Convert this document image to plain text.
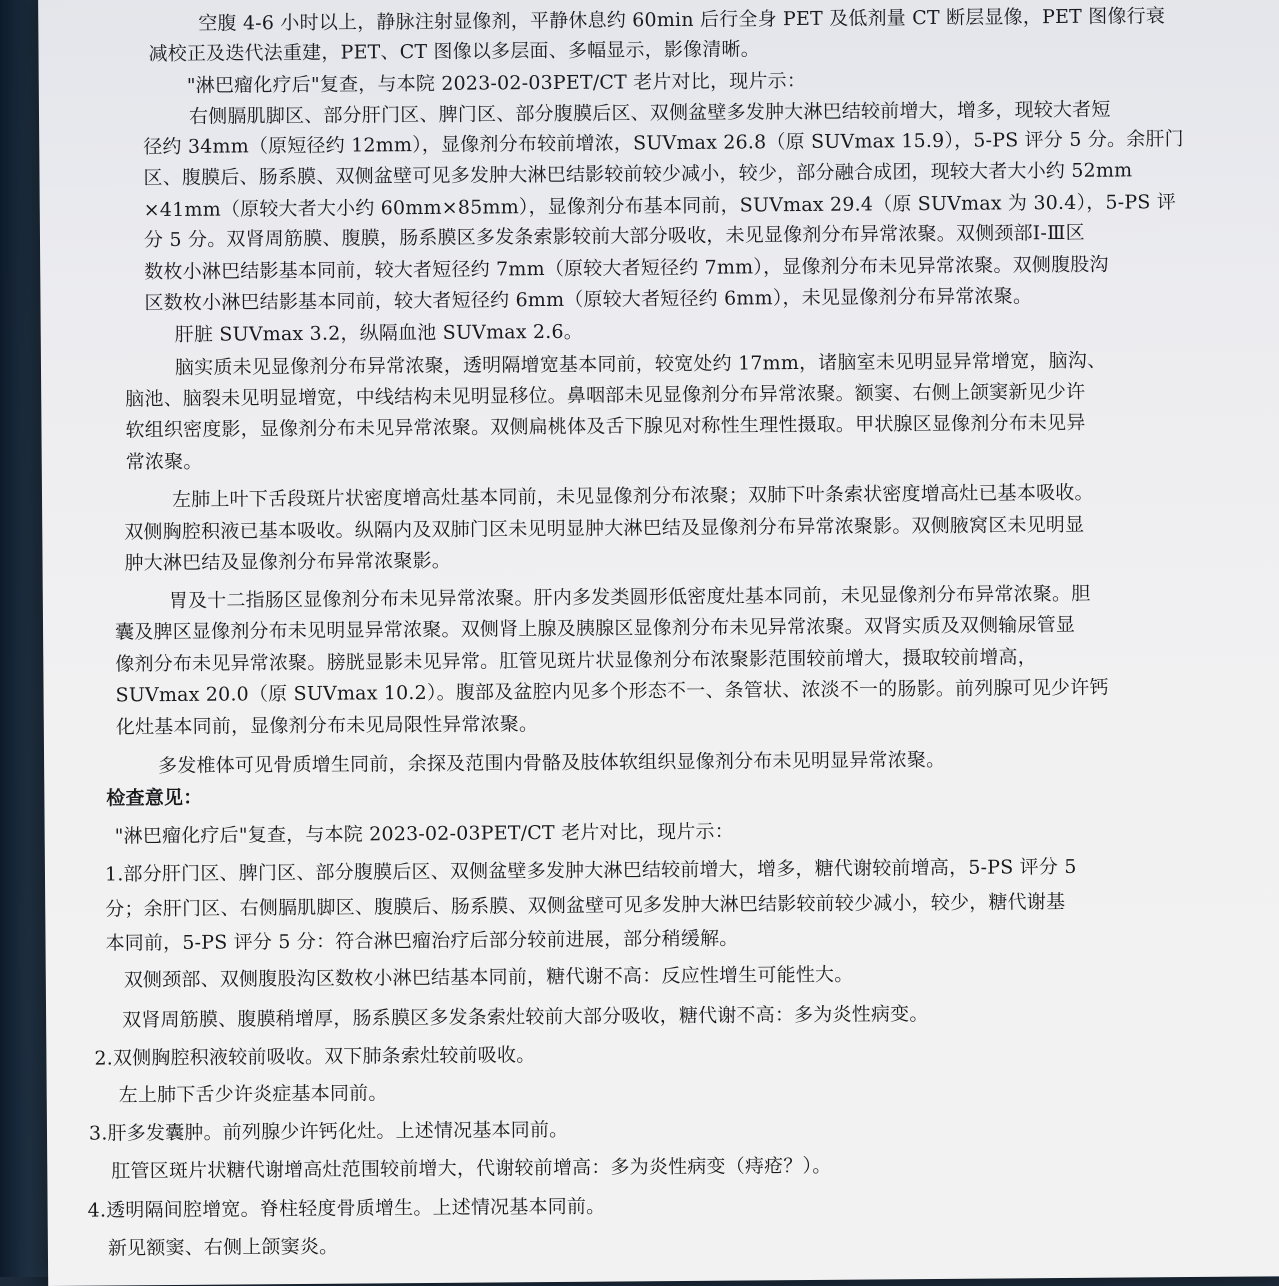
空腹 4-6 小时以上，静脉注射显像剂，平静休息约 60min 后行全身 PET 及低剂量 CT 断层显像，PET 图像行衰
减校正及迭代法重建，PET、CT 图像以多层面、多幅显示，影像清晰。
"淋巴瘤化疗后"复查，与本院 2023-02-03PET/CT 老片对比，现片示：
右侧膈肌脚区、部分肝门区、脾门区、部分腹膜后区、双侧盆壁多发肿大淋巴结较前增大，增多，现较大者短
径约 34mm（原短径约 12mm），显像剂分布较前增浓，SUVmax 26.8（原 SUVmax 15.9），5-PS 评分 5 分。余肝门
区、腹膜后、肠系膜、双侧盆壁可见多发肿大淋巴结影较前较少减小，较少，部分融合成团，现较大者大小约 52mm
×41mm（原较大者大小约 60mm×85mm），显像剂分布基本同前，SUVmax 29.4（原 SUVmax 为 30.4），5-PS 评
分 5 分。双肾周筋膜、腹膜，肠系膜区多发条索影较前大部分吸收，未见显像剂分布异常浓聚。双侧颈部Ⅰ-Ⅲ区
数枚小淋巴结影基本同前，较大者短径约 7mm（原较大者短径约 7mm），显像剂分布未见异常浓聚。双侧腹股沟
区数枚小淋巴结影基本同前，较大者短径约 6mm（原较大者短径约 6mm），未见显像剂分布异常浓聚。
肝脏 SUVmax 3.2，纵隔血池 SUVmax 2.6。
脑实质未见显像剂分布异常浓聚，透明隔增宽基本同前，较宽处约 17mm，诸脑室未见明显异常增宽，脑沟、
脑池、脑裂未见明显增宽，中线结构未见明显移位。鼻咽部未见显像剂分布异常浓聚。额窦、右侧上颌窦新见少许
软组织密度影，显像剂分布未见异常浓聚。双侧扁桃体及舌下腺见对称性生理性摄取。甲状腺区显像剂分布未见异
常浓聚。
左肺上叶下舌段斑片状密度增高灶基本同前，未见显像剂分布浓聚；双肺下叶条索状密度增高灶已基本吸收。
双侧胸腔积液已基本吸收。纵隔内及双肺门区未见明显肿大淋巴结及显像剂分布异常浓聚影。双侧腋窝区未见明显
肿大淋巴结及显像剂分布异常浓聚影。
胃及十二指肠区显像剂分布未见异常浓聚。肝内多发类圆形低密度灶基本同前，未见显像剂分布异常浓聚。胆
囊及脾区显像剂分布未见明显异常浓聚。双侧肾上腺及胰腺区显像剂分布未见异常浓聚。双肾实质及双侧输尿管显
像剂分布未见异常浓聚。膀胱显影未见异常。肛管见斑片状显像剂分布浓聚影范围较前增大，摄取较前增高，
SUVmax 20.0（原 SUVmax 10.2）。腹部及盆腔内见多个形态不一、条管状、浓淡不一的肠影。前列腺可见少许钙
化灶基本同前，显像剂分布未见局限性异常浓聚。
多发椎体可见骨质增生同前，余探及范围内骨骼及肢体软组织显像剂分布未见明显异常浓聚。
检查意见：
"淋巴瘤化疗后"复查，与本院 2023-02-03PET/CT 老片对比，现片示：
1.部分肝门区、脾门区、部分腹膜后区、双侧盆壁多发肿大淋巴结较前增大，增多，糖代谢较前增高，5-PS 评分 5
分；余肝门区、右侧膈肌脚区、腹膜后、肠系膜、双侧盆壁可见多发肿大淋巴结影较前较少减小，较少，糖代谢基
本同前，5-PS 评分 5 分：符合淋巴瘤治疗后部分较前进展，部分稍缓解。
双侧颈部、双侧腹股沟区数枚小淋巴结基本同前，糖代谢不高：反应性增生可能性大。
双肾周筋膜、腹膜稍增厚，肠系膜区多发条索灶较前大部分吸收，糖代谢不高：多为炎性病变。
2.双侧胸腔积液较前吸收。双下肺条索灶较前吸收。
左上肺下舌少许炎症基本同前。
3.肝多发囊肿。前列腺少许钙化灶。上述情况基本同前。
肛管区斑片状糖代谢增高灶范围较前增大，代谢较前增高：多为炎性病变（痔疮？）。
4.透明隔间腔增宽。脊柱轻度骨质增生。上述情况基本同前。
新见额窦、右侧上颌窦炎。
